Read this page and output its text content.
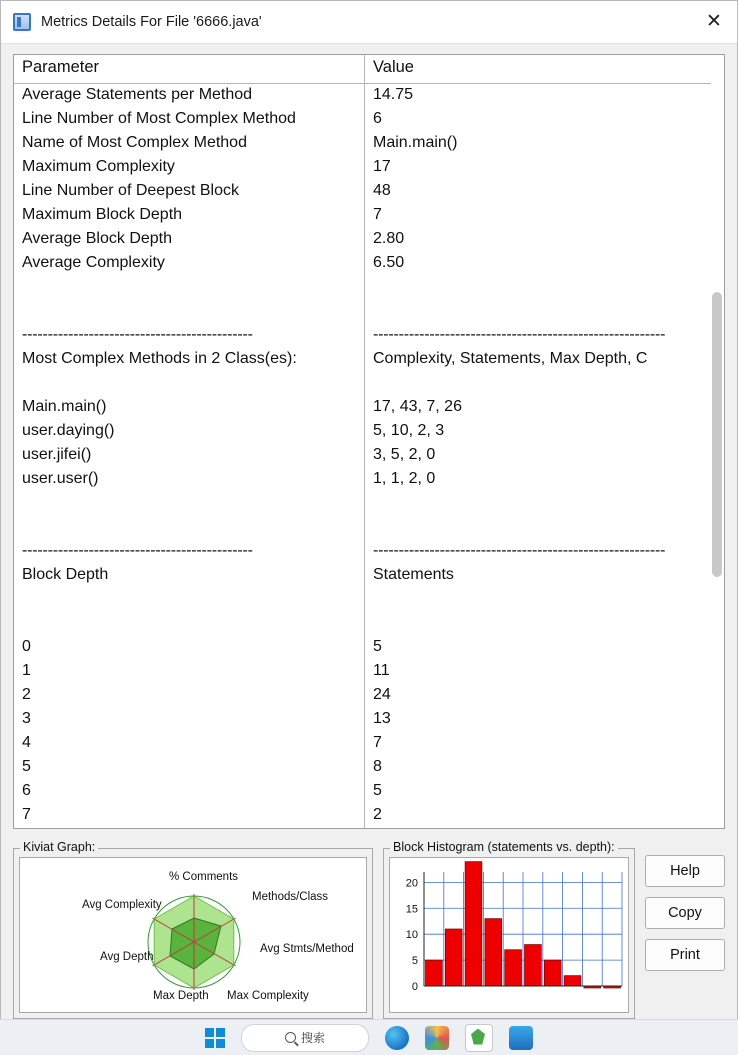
Metrics Details For File '6666.java'	✕
Parameter	Value
Average Statements per Method	14.75
Line Number of Most Complex Method	6
Name of Most Complex Method	Main.main()
Maximum Complexity	17
Line Number of Deepest Block	48
Maximum Block Depth	7
Average Block Depth	2.80
Average Complexity	6.50
---------------------------------------------	---------------------------------------------------------
Most Complex Methods in 2 Class(es):	Complexity, Statements, Max Depth, C
Main.main()	17, 43, 7, 26
user.daying()	5, 10, 2, 3
user.jifei()	3, 5, 2, 0
user.user()	1, 1, 2, 0
---------------------------------------------	---------------------------------------------------------
Block Depth	Statements
0	5
1	11
2	24
3	13
4	7
5	8
6	5
7	2
Kiviat Graph:
% Comments
Methods/Class
Avg Stmts/Method
Avg Complexity
Avg Depth
Max Depth Max Complexity
Block Histogram (statements vs. depth):
20
15
10
5
0
Help
Copy
Print
搜索
